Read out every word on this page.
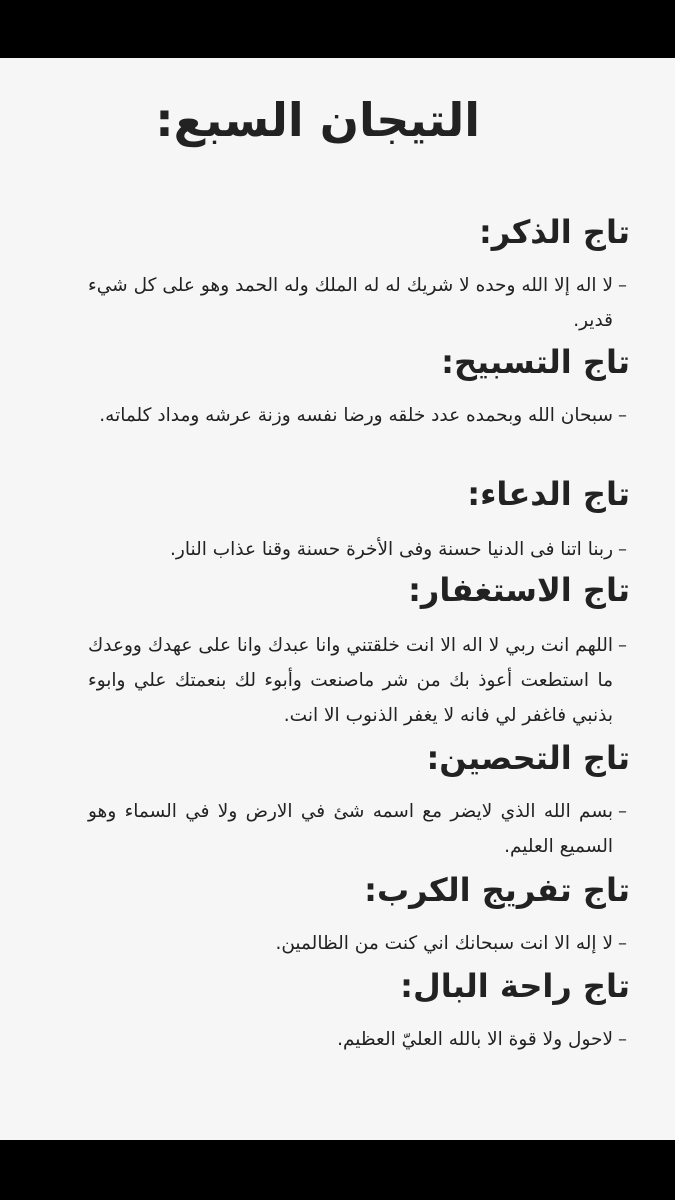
التيجان السبع:
تاج الذكر:
–

لا اله إلا الله وحده لا شريك له له الملك وله الحمد وهو على كل شيء قدير.

تاج التسبيح:
–

سبحان الله وبحمده عدد خلقه ورضا نفسه وزنة عرشه ومداد كلماته.

تاج الدعاء:
–

ربنا اتنا فى الدنيا حسنة وفى الأخرة حسنة وقنا عذاب النار.

تاج الاستغفار:
–

اللهم انت ربي لا اله الا انت خلقتني وانا عبدك وانا على عهدك ووعدك ما استطعت أعوذ بك من شر ماصنعت وأبوء لك بنعمتك علي وابوء بذنبي فاغفر لي فانه لا يغفر الذنوب الا انت.

تاج التحصين:
–

بسم الله الذي لايضر مع اسمه شئ في الارض ولا في السماء وهو السميع العليم.

تاج تفريج الكرب:
–

لا إله الا انت سبحانك اني كنت من الظالمين.

تاج راحة البال:
–

لاحول ولا قوة الا بالله العليّ العظيم.
